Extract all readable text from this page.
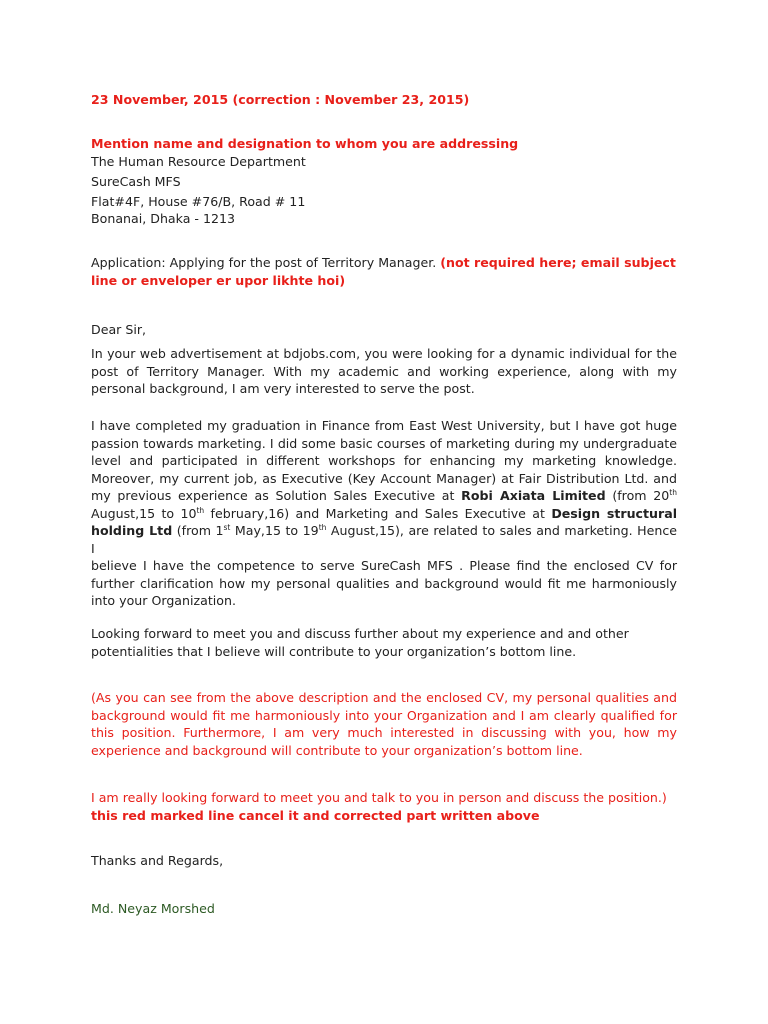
23 November, 2015 (correction : November 23, 2015)
Mention name and designation to whom you are addressing
The Human Resource Department
SureCash MFS
Flat#4F, House #76/B, Road # 11
Bonanai, Dhaka - 1213
Application: Applying for the post of Territory Manager. (not required here; email subject
line or enveloper er upor likhte hoi)
Dear Sir,
In your web advertisement at bdjobs.com, you were looking for a dynamic individual for the
post of Territory Manager. With my academic and working experience, along with my
personal background, I am very interested to serve the post.
I have completed my graduation in Finance from East West University, but I have got huge
passion towards marketing. I did some basic courses of marketing during my undergraduate
level and participated in different workshops for enhancing my marketing knowledge.
Moreover, my current job, as Executive (Key Account Manager) at Fair Distribution Ltd. and
my previous experience as Solution Sales Executive at Robi Axiata Limited (from 20th
August,15 to 10th february,16) and Marketing and Sales Executive at Design structural
holding Ltd (from 1st May,15 to 19th August,15), are related to sales and marketing. Hence I
believe I have the competence to serve SureCash MFS . Please find the enclosed CV for
further clarification how my personal qualities and background would fit me harmoniously
into your Organization.
Looking forward to meet you and discuss further about my experience and and other
potentialities that I believe will contribute to your organization’s bottom line.
(As you can see from the above description and the enclosed CV, my personal qualities and
background would fit me harmoniously into your Organization and I am clearly qualified for
this position. Furthermore, I am very much interested in discussing with you, how my
experience and background will contribute to your organization’s bottom line.
I am really looking forward to meet you and talk to you in person and discuss the position.)
this red marked line cancel it and corrected part written above
Thanks and Regards,
Md. Neyaz Morshed
